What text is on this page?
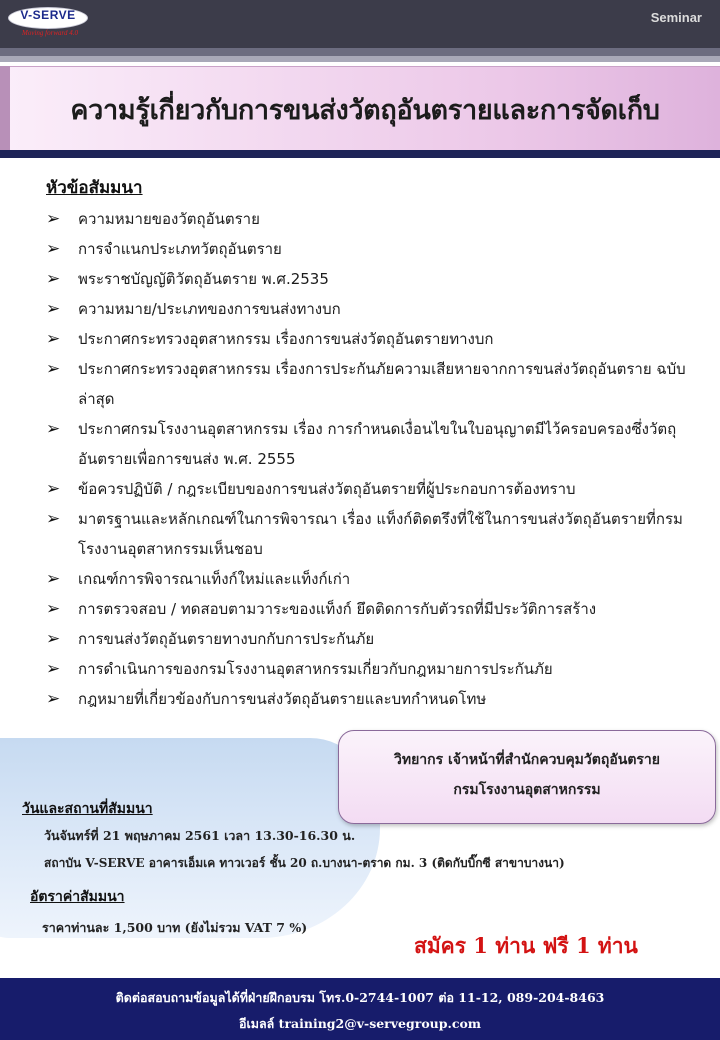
V-SERVE
Moving forward 4.0
Seminar
ความรู้เกี่ยวกับการขนส่งวัตถุอันตรายและการจัดเก็บ
หัวข้อสัมมนา
➢ ความหมายของวัตถุอันตราย
➢ การจำแนกประเภทวัตถุอันตราย
➢ พระราชบัญญัติวัตถุอันตราย พ.ศ.2535
➢ ความหมาย/ประเภทของการขนส่งทางบก
➢ ประกาศกระทรวงอุตสาหกรรม เรื่องการขนส่งวัตถุอันตรายทางบก
➢ ประกาศกระทรวงอุตสาหกรรม เรื่องการประกันภัยความเสียหายจากการขนส่งวัตถุอันตราย ฉบับล่าสุด
➢ ประกาศกรมโรงงานอุตสาหกรรม เรื่อง การกำหนดเงื่อนไขในใบอนุญาตมีไว้ครอบครองซึ่งวัตถุอันตรายเพื่อการขนส่ง พ.ศ. 2555
➢ ข้อควรปฏิบัติ / กฎระเบียบของการขนส่งวัตถุอันตรายที่ผู้ประกอบการต้องทราบ
➢ มาตรฐานและหลักเกณฑ์ในการพิจารณา เรื่อง แท็งก์ติดตรึงที่ใช้ในการขนส่งวัตถุอันตรายที่กรมโรงงานอุตสาหกรรมเห็นชอบ
➢ เกณฑ์การพิจารณาแท็งก์ใหม่และแท็งก์เก่า
➢ การตรวจสอบ / ทดสอบตามวาระของแท็งก์ ยึดติดการกับตัวรถที่มีประวัติการสร้าง
➢ การขนส่งวัตถุอันตรายทางบกกับการประกันภัย
➢ การดำเนินการของกรมโรงงานอุตสาหกรรมเกี่ยวกับกฎหมายการประกันภัย
➢ กฎหมายที่เกี่ยวข้องกับการขนส่งวัตถุอันตรายและบทกำหนดโทษ
วิทยากร เจ้าหน้าที่สำนักควบคุมวัตถุอันตราย
กรมโรงงานอุตสาหกรรม
วันและสถานที่สัมมนา
วันจันทร์ที่ 21 พฤษภาคม 2561 เวลา 13.30-16.30 น.
สถาบัน V-SERVE อาคารเอ็มเค ทาวเวอร์ ชั้น 20 ถ.บางนา-ตราด กม. 3 (ติดกับบิ๊กซี สาขาบางนา)
อัตราค่าสัมมนา
ราคาท่านละ 1,500 บาท (ยังไม่รวม VAT 7 %)
สมัคร 1 ท่าน ฟรี 1 ท่าน
ติดต่อสอบถามข้อมูลได้ที่ฝ่ายฝึกอบรม โทร.0-2744-1007 ต่อ 11-12, 089-204-8463
อีเมลล์ training2@v-servegroup.com
